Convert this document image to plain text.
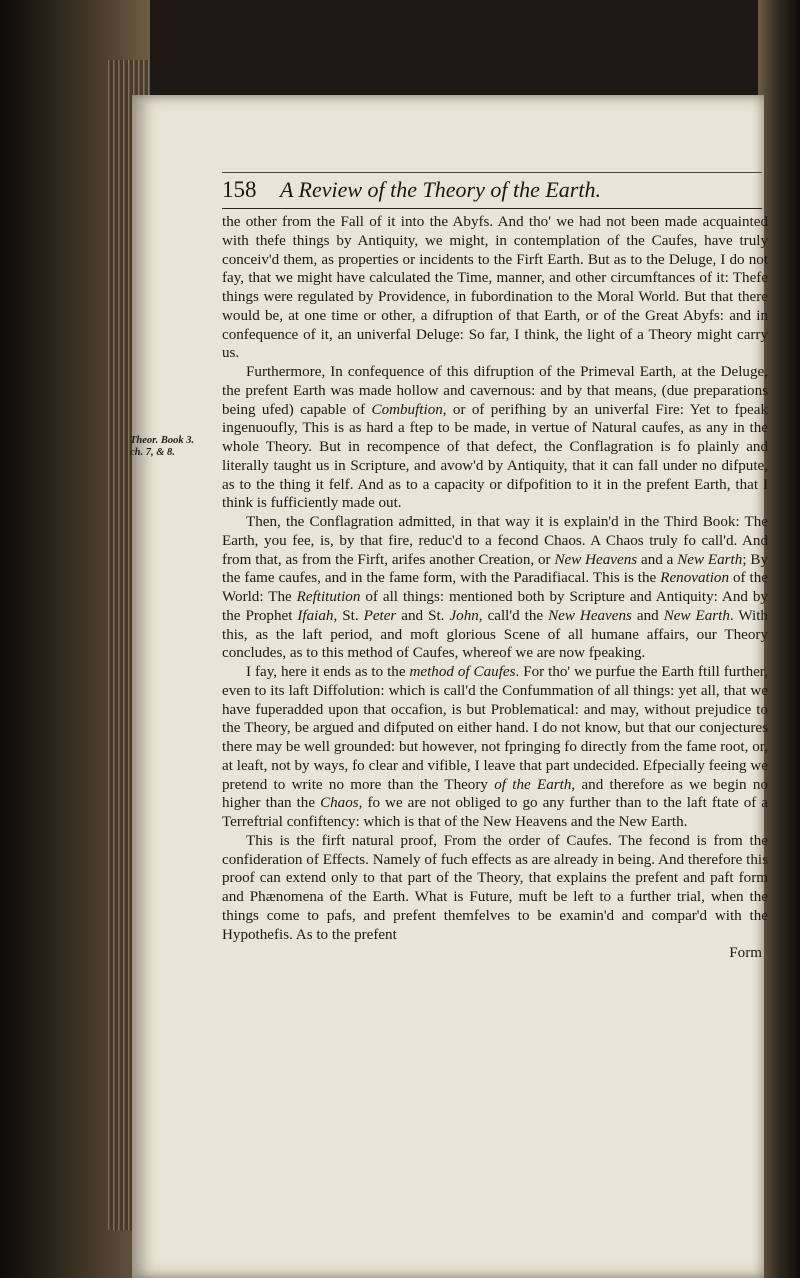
158 A Review of the Theory of the Earth.
Theor. Book 3.
ch. 7, & 8.

the other from the Fall of it into the Abyfs. And tho' we had not been made acquainted with thefe things by Antiquity, we might, in contemplation of the Caufes, have truly conceiv'd them, as properties or incidents to the Firft Earth. But as to the Deluge, I do not fay, that we might have calculated the Time, manner, and other circumftances of it: Thefe things were regulated by Providence, in fubordination to the Moral World. But that there would be, at one time or other, a difruption of that Earth, or of the Great Abyfs: and in confequence of it, an univerfal Deluge: So far, I think, the light of a Theory might carry us.

Furthermore, In confequence of this difruption of the Primeval Earth, at the Deluge, the prefent Earth was made hollow and cavernous: and by that means, (due preparations being ufed) capable of Combuftion, or of perifhing by an univerfal Fire: Yet to fpeak ingenuoufly, This is as hard a ftep to be made, in vertue of Natural caufes, as any in the whole Theory. But in recompence of that defect, the Conflagration is fo plainly and literally taught us in Scripture, and avow'd by Antiquity, that it can fall under no difpute, as to the thing it felf. And as to a capacity or difpofition to it in the prefent Earth, that I think is fufficiently made out.

Then, the Conflagration admitted, in that way it is explain'd in the Third Book: The Earth, you fee, is, by that fire, reduc'd to a fecond Chaos. A Chaos truly fo call'd. And from that, as from the Firft, arifes another Creation, or New Heavens and a New Earth; By the fame caufes, and in the fame form, with the Paradifiacal. This is the Renovation of the World: The Reftitution of all things: mentioned both by Scripture and Antiquity: And by the Prophet Ifaiah, St. Peter and St. John, call'd the New Heavens and New Earth. With this, as the laft period, and moft glorious Scene of all humane affairs, our Theory concludes, as to this method of Caufes, whereof we are now fpeaking.

I fay, here it ends as to the method of Caufes. For tho' we purfue the Earth ftill further, even to its laft Diffolution: which is call'd the Confummation of all things: yet all, that we have fuperadded upon that occafion, is but Problematical: and may, without prejudice to the Theory, be argued and difputed on either hand. I do not know, but that our conjectures there may be well grounded: but however, not fpringing fo directly from the fame root, or, at leaft, not by ways, fo clear and vifible, I leave that part undecided. Efpecially feeing we pretend to write no more than the Theory of the Earth, and therefore as we begin no higher than the Chaos, fo we are not obliged to go any further than to the laft ftate of a Terreftrial confiftency: which is that of the New Heavens and the New Earth.

This is the firft natural proof, From the order of Caufes. The fecond is from the confideration of Effects. Namely of fuch effects as are already in being. And therefore this proof can extend only to that part of the Theory, that explains the prefent and paft form and Phænomena of the Earth. What is Future, muft be left to a further trial, when the things come to pafs, and prefent themfelves to be examin'd and compar'd with the Hypothefis. As to the prefent

Form
